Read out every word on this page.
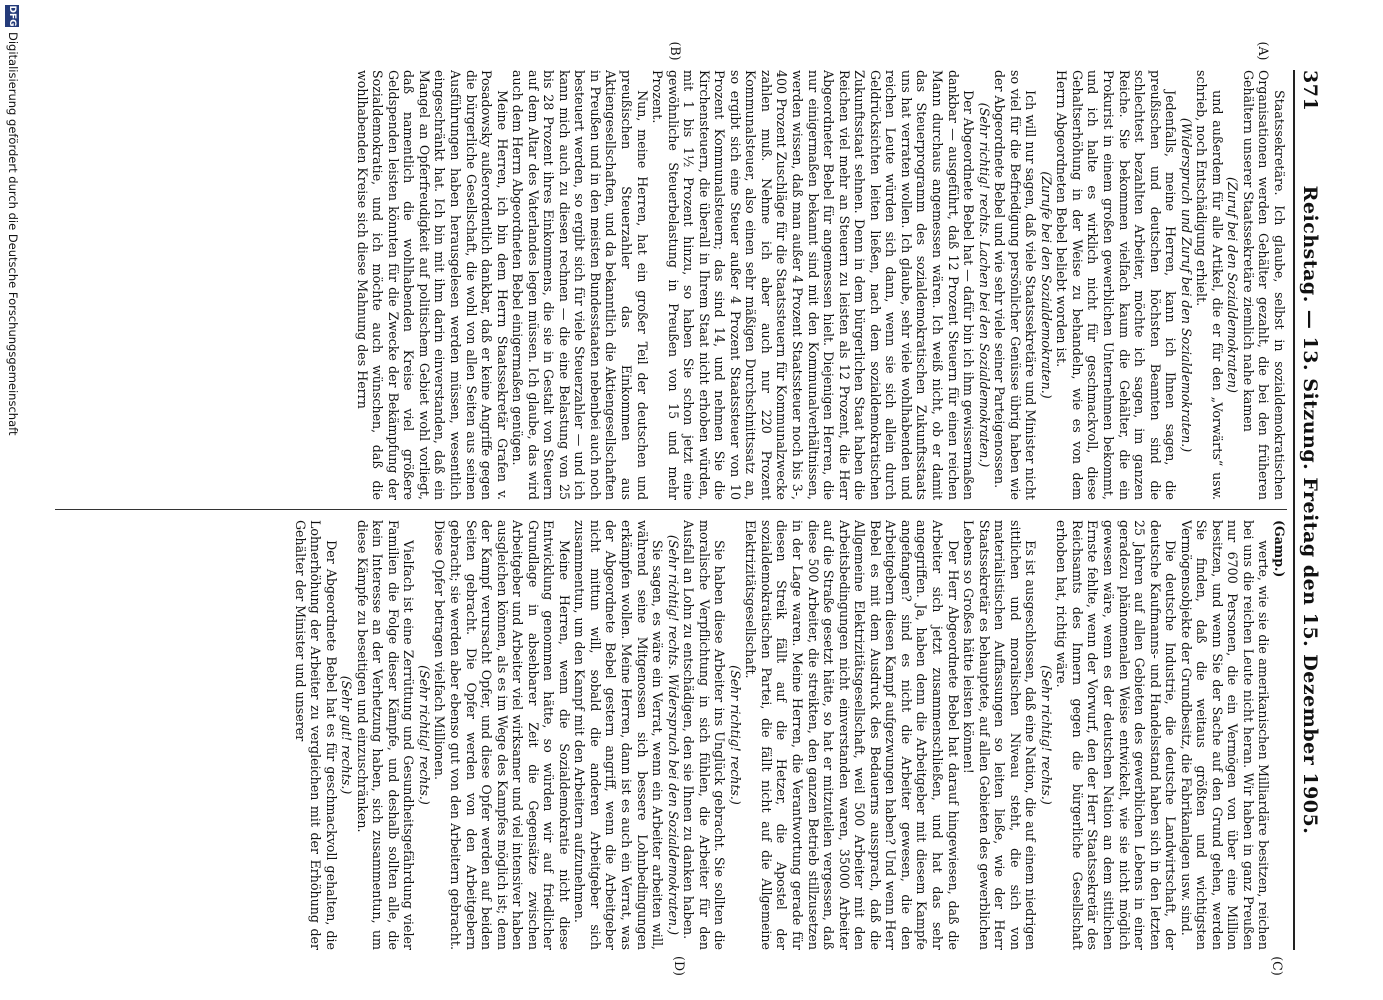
371
Reichstag. — 13. Sitzung. Freitag den 15. Dezember 1905.
(C)
(D)
(A)
(B)

Staatssekretäre. Ich glaube, selbst in sozialdemokratischen Organisationen werden Gehälter gezahlt, die bei den früheren Gehältern unserer Staatssekretäre ziemlich nahe kamen

(Zuruf bei den Sozialdemokraten)

und außerdem für alle Artikel, die er für den „Vorwärts“ usw. schrieb, noch Entschädigung erhielt.

(Widerspruch und Zuruf bei den Sozialdemokraten.)

Jedenfalls, meine Herren, kann ich Ihnen sagen, die preußischen und deutschen höchsten Beamten sind die schlechtest bezahlten Arbeiter, möchte ich sagen, im ganzen Reiche. Sie bekommen vielfach kaum die Gehälter, die ein Prokurist in einem großen gewerblichen Unternehmen bekommt, und ich halte es wirklich nicht für geschmackvoll, diese Gehaltserhöhung in der Weise zu behandeln, wie es von dem Herrn Abgeordneten Bebel beliebt worden ist.

(Zurufe bei den Sozialdemokraten.)

Ich will nur sagen, daß viele Staatssekretäre und Minister nicht so viel für die Befriedigung persönlicher Genüsse übrig haben wie der Abgeordnete Bebel und wie sehr viele seiner Parteigenossen.

(Sehr richtig! rechts. Lachen bei den Sozialdemokraten.)

Der Abgeordnete Bebel hat — dafür bin ich ihm gewissermaßen dankbar — ausgeführt, daß 12 Prozent Steuern für einen reichen Mann durchaus angemessen wären. Ich weiß nicht, ob er damit das Steuerprogramm des sozialdemokratischen Zukunftsstaats uns hat verraten wollen. Ich glaube, sehr viele wohlhabenden und reichen Leute würden sich dann, wenn sie sich allein durch Geldrücksichten leiten ließen, nach dem sozialdemokratischen Zukunftsstaat sehnen. Denn in dem bürgerlichen Staat haben die Reichen viel mehr an Steuern zu leisten als 12 Prozent, die Herr Abgeordneter Bebel für angemessen hielt. Diejenigen Herren, die nur einigermaßen bekannt sind mit den Kommunalverhältnissen, werden wissen, daß man außer 4 Prozent Staatssteuer noch bis 3-, 400 Prozent Zuschläge für die Staatssteuern für Kommunalzwecke zahlen muß. Nehme ich aber auch nur 220 Prozent Kommunalsteuer, also einen sehr mäßigen Durchschnittssatz an, so ergibt sich eine Steuer außer 4 Prozent Staatssteuer von 10 Prozent Kommunalsteuern; das sind 14, und nehmen Sie die Kirchensteuern, die überall in Ihrem Staat nicht erhoben würden, mit 1 bis 1½ Prozent hinzu, so haben Sie schon jetzt eine gewöhnliche Steuerbelastung in Preußen von 15 und mehr Prozent.

Nun, meine Herren, hat ein großer Teil der deutschen und preußischen Steuerzahler das Einkommen aus Aktiengesellschaften, und da bekanntlich die Aktiengesellschaften in Preußen und in den meisten Bundesstaaten nebenbei auch noch besteuert werden, so ergibt sich für viele Steuerzahler — und ich kann mich auch zu diesen rechnen — die eine Belastung von 25 bis 28 Prozent ihres Einkommens, die sie in Gestalt von Steuern auf dem Altar des Vaterlandes legen müssen. Ich glaube, das wird auch dem Herrn Abgeordneten Bebel einigermaßen genügen.

Meine Herren, ich bin dem Herrn Staatssekretär Grafen v. Posadowsky außerordentlich dankbar, daß er keine Angriffe gegen die bürgerliche Gesellschaft, die wohl von allen Seiten aus seinen Ausführungen haben herausgelesen werden müssen, wesentlich eingeschränkt hat. Ich bin mit ihm darin einverstanden, daß ein Mangel an Opferfreudigkeit auf politischem Gebiet wohl vorliegt, daß namentlich die wohlhabenden Kreise viel größere Geldspenden leisten könnten für die Zwecke der Bekämpfung der Sozialdemokratie, und ich möchte auch wünschen, daß die wohlhabenden Kreise sich diese Mahnung des Herrn

(Gamp.)

werte, wie sie die amerikanischen Milliardäre besitzen, reichen bei uns die reichen Leute nicht heran. Wir haben in ganz Preußen nur 6700 Personen, die ein Vermögen von über eine Million besitzen, und wenn Sie der Sache auf den Grund gehen, werden Sie finden, daß die weitaus größten und wichtigsten Vermögensobjekte der Grundbesitz, die Fabrikanlagen usw. sind.

Die deutsche Industrie, die deutsche Landwirtschaft, der deutsche Kaufmanns- und Handelsstand haben sich in den letzten 25 Jahren auf allen Gebieten des gewerblichen Lebens in einer geradezu phänomenalen Weise entwickelt, wie sie nicht möglich gewesen wäre, wenn es der deutschen Nation an dem sittlichen Ernste fehlte, wenn der Vorwurf, den der Herr Staatssekretär des Reichsamts des Innern gegen die bürgerliche Gesellschaft erhoben hat, richtig wäre.

(Sehr richtig! rechts.)

Es ist ausgeschlossen, daß eine Nation, die auf einem niedrigen sittlichen und moralischen Niveau steht, die sich von materialistischen Auffassungen so leiten ließe, wie der Herr Staatssekretär es behauptete, auf allen Gebieten des gewerblichen Lebens so Großes hätte leisten können!

Der Herr Abgeordnete Bebel hat darauf hingewiesen, daß die Arbeiter sich jetzt zusammenschließen, und hat das sehr angegriffen. Ja, haben denn die Arbeitgeber mit diesem Kampfe angefangen? sind es nicht die Arbeiter gewesen, die den Arbeitgebern diesen Kampf aufgezwungen haben? Und wenn Herr Bebel es mit dem Ausdruck des Bedauerns aussprach, daß die Allgemeine Elektrizitätsgesellschaft, weil 500 Arbeiter mit den Arbeitsbedingungen nicht einverstanden waren, 35000 Arbeiter auf die Straße gesetzt hätte, so hat er mitzuteilen vergessen, daß diese 500 Arbeiter, die streikten, den ganzen Betrieb stillzusetzen in der Lage waren. Meine Herren, die Verantwortung gerade für diesen Streik fällt auf die Hetzer, die Apostel der sozialdemokratischen Partei, die fällt nicht auf die Allgemeine Elektrizitätsgesellschaft.

(Sehr richtig! rechts.)

Sie haben diese Arbeiter ins Unglück gebracht. Sie sollten die moralische Verpflichtung in sich fühlen, die Arbeiter für den Ausfall an Lohn zu entschädigen, den sie Ihnen zu danken haben.

(Sehr richtig! rechts. Widerspruch bei den Sozialdemokraten.)

Sie sagen, es wäre ein Verrat, wenn ein Arbeiter arbeiten will, während seine Mitgenossen sich bessere Lohnbedingungen erkämpfen wollen. Meine Herren, dann ist es auch ein Verrat, was der Abgeordnete Bebel gestern angriff, wenn die Arbeitgeber nicht mittun will, sobald die anderen Arbeitgeber sich zusammentun, um den Kampf mit den Arbeitern aufzunehmen.

Meine Herren, wenn die Sozialdemokratie nicht diese Entwicklung genommen hätte, so würden wir auf friedlicher Grundlage in absehbarer Zeit die Gegensätze zwischen Arbeitgeber und Arbeiter viel wirksamer und viel intensiver haben ausgleichen können, als es im Wege des Kampfes möglich ist; denn der Kampf verursacht Opfer, und diese Opfer werden auf beiden Seiten gebracht. Die Opfer werden von den Arbeitgebern gebracht; sie werden aber ebenso gut von den Arbeitern gebracht. Diese Opfer betragen vielfach Millionen.

(Sehr richtig! rechts.)

Vielfach ist eine Zerrüttung und Gesundheitsgefährdung vieler Familien die Folge dieser Kämpfe, und deshalb sollten alle, die kein Interesse an der Verhetzung haben, sich zusammentun, um diese Kämpfe zu beseitigen und einzuschränken.

(Sehr gut! rechts.)

Der Abgeordnete Bebel hat es für geschmackvoll gehalten, die Lohnerhöhung der Arbeiter zu vergleichen mit der Erhöhung der Gehälter der Minister und unserer

DFG
Digitalisierung gefördert durch die Deutsche Forschungsgemeinschaft
